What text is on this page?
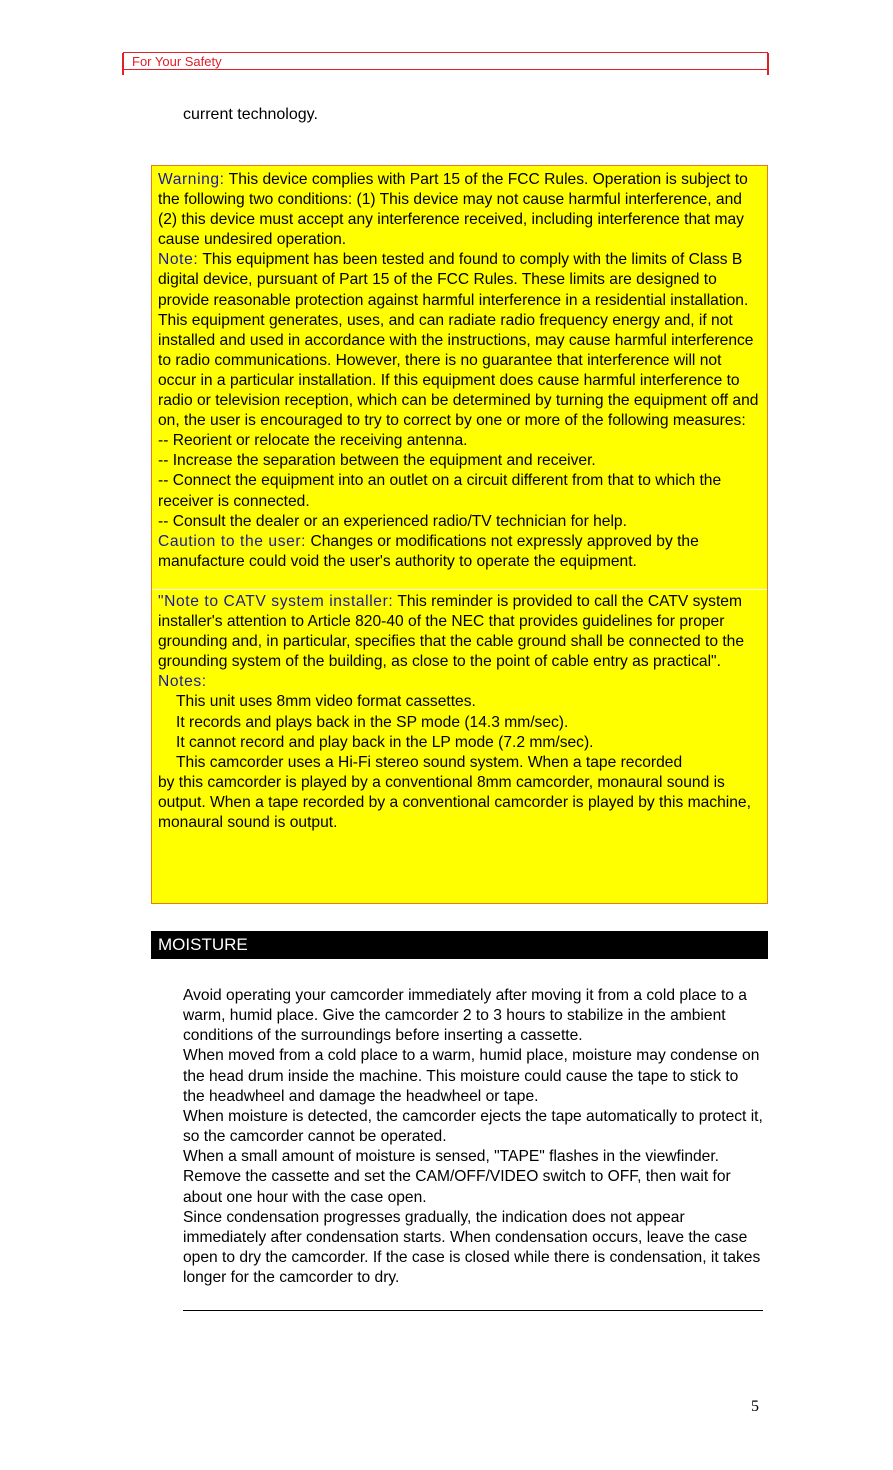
For Your Safety
current technology.

Warning: This device complies with Part 15 of the FCC Rules. Operation is subject to the following two conditions: (1) This device may not cause harmful interference, and (2) this device must accept any interference received, including interference that may cause undesired operation.

Note: This equipment has been tested and found to comply with the limits of Class B digital device, pursuant of Part 15 of the FCC Rules. These limits are designed to provide reasonable protection against harmful interference in a residential installation. This equipment generates, uses, and can radiate radio frequency energy and, if not installed and used in accordance with the instructions, may cause harmful interference to radio communications. However, there is no guarantee that interference will not occur in a particular installation. If this equipment does cause harmful interference to radio or television reception, which can be determined by turning the equipment off and on, the user is encouraged to try to correct by one or more of the following measures:

-- Reorient or relocate the receiving antenna.

-- Increase the separation between the equipment and receiver.

-- Connect the equipment into an outlet on a circuit different from that to which the receiver is connected.

-- Consult the dealer or an experienced radio/TV technician for help.

Caution to the user: Changes or modifications not expressly approved by the manufacture could void the user's authority to operate the equipment.

"Note to CATV system installer: This reminder is provided to call the CATV system installer's attention to Article 820-40 of the NEC that provides guidelines for proper grounding and, in particular, specifies that the cable ground shall be connected to the grounding system of the building, as close to the point of cable entry as practical".

Notes:

This unit uses 8mm video format cassettes.

It records and plays back in the SP mode (14.3 mm/sec).

It cannot record and play back in the LP mode (7.2 mm/sec).

This camcorder uses a Hi-Fi stereo sound system. When a tape recorded

by this camcorder is played by a conventional 8mm camcorder, monaural sound is output. When a tape recorded by a conventional camcorder is played by this machine, monaural sound is output.

MOISTURE

Avoid operating your camcorder immediately after moving it from a cold place to a warm, humid place. Give the camcorder 2 to 3 hours to stabilize in the ambient conditions of the surroundings before inserting a cassette.

When moved from a cold place to a warm, humid place, moisture may condense on the head drum inside the machine. This moisture could cause the tape to stick to the headwheel and damage the headwheel or tape.

When moisture is detected, the camcorder ejects the tape automatically to protect it, so the camcorder cannot be operated.

When a small amount of moisture is sensed, "TAPE" flashes in the viewfinder. Remove the cassette and set the CAM/OFF/VIDEO switch to OFF, then wait for about one hour with the case open.

Since condensation progresses gradually, the indication does not appear immediately after condensation starts. When condensation occurs, leave the case open to dry the camcorder. If the case is closed while there is condensation, it takes longer for the camcorder to dry.

5
